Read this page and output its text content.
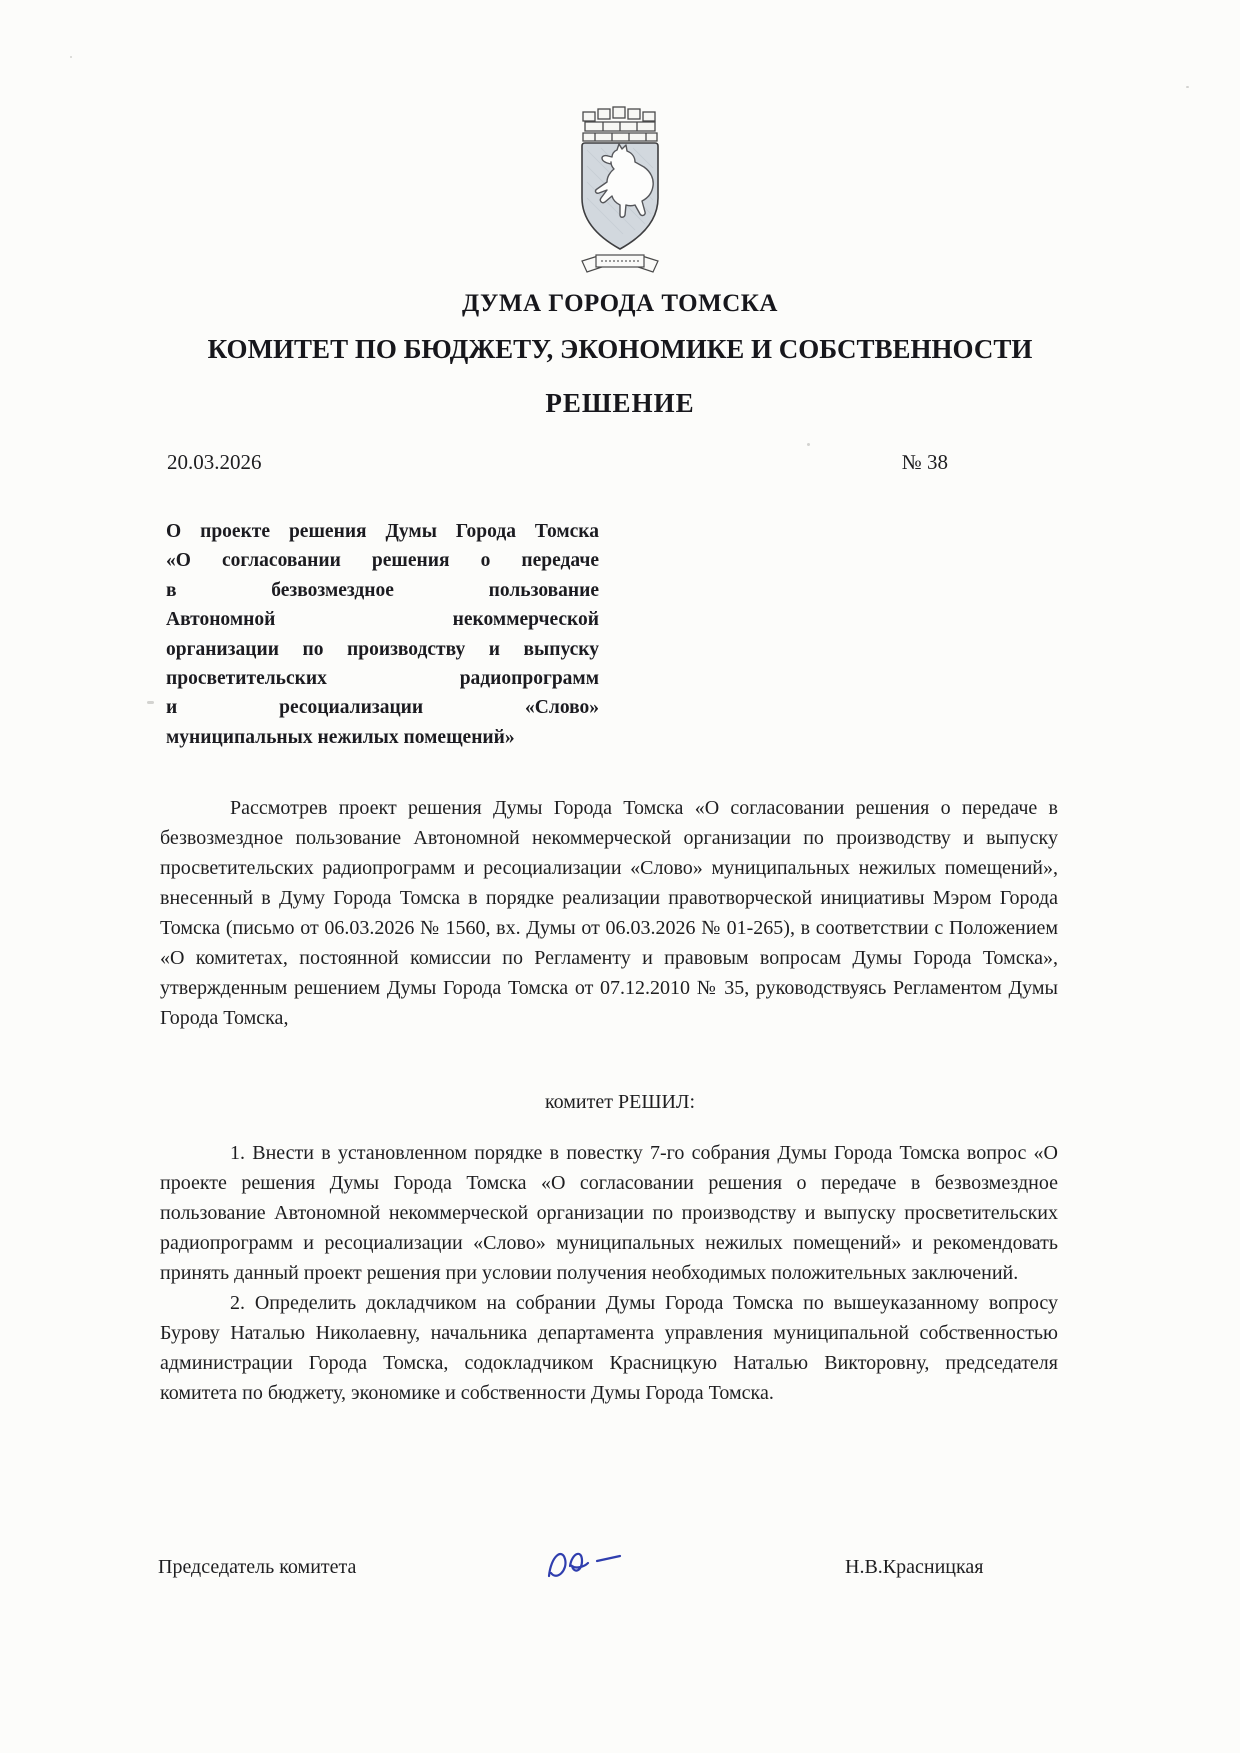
ДУМА ГОРОДА ТОМСКА
КОМИТЕТ ПО БЮДЖЕТУ, ЭКОНОМИКЕ И СОБСТВЕННОСТИ
РЕШЕНИЕ
20.03.2026	№ 38
О проекте решения Думы Города Томска
«О согласовании решения о передаче
в безвозмездное пользование
Автономной некоммерческой
организации по производству и выпуску
просветительских радиопрограмм
и ресоциализации «Слово»
муниципальных нежилых помещений»
Рассмотрев проект решения Думы Города Томска «О согласовании решения о передаче в безвозмездное пользование Автономной некоммерческой организации по производству и выпуску просветительских радиопрограмм и ресоциализации «Слово» муниципальных нежилых помещений», внесенный в Думу Города Томска в порядке реализации правотворческой инициативы Мэром Города Томска (письмо от 06.03.2026 № 1560, вх. Думы от 06.03.2026 № 01-265), в соответствии с Положением «О комитетах, постоянной комиссии по Регламенту и правовым вопросам Думы Города Томска», утвержденным решением Думы Города Томска от 07.12.2010 № 35, руководствуясь Регламентом Думы Города Томска,
комитет РЕШИЛ:

1. Внести в установленном порядке в повестку 7-го собрания Думы Города Томска вопрос «О проекте решения Думы Города Томска «О согласовании решения о передаче в безвозмездное пользование Автономной некоммерческой организации по производству и выпуску просветительских радиопрограмм и ресоциализации «Слово» муниципальных нежилых помещений» и рекомендовать принять данный проект решения при условии получения необходимых положительных заключений.

2. Определить докладчиком на собрании Думы Города Томска по вышеуказанному вопросу Бурову Наталью Николаевну, начальника департамента управления муниципальной собственностью администрации Города Томска, содокладчиком Красницкую Наталью Викторовну, председателя комитета по бюджету, экономике и собственности Думы Города Томска.

Председатель комитета	Н.В.Красницкая
